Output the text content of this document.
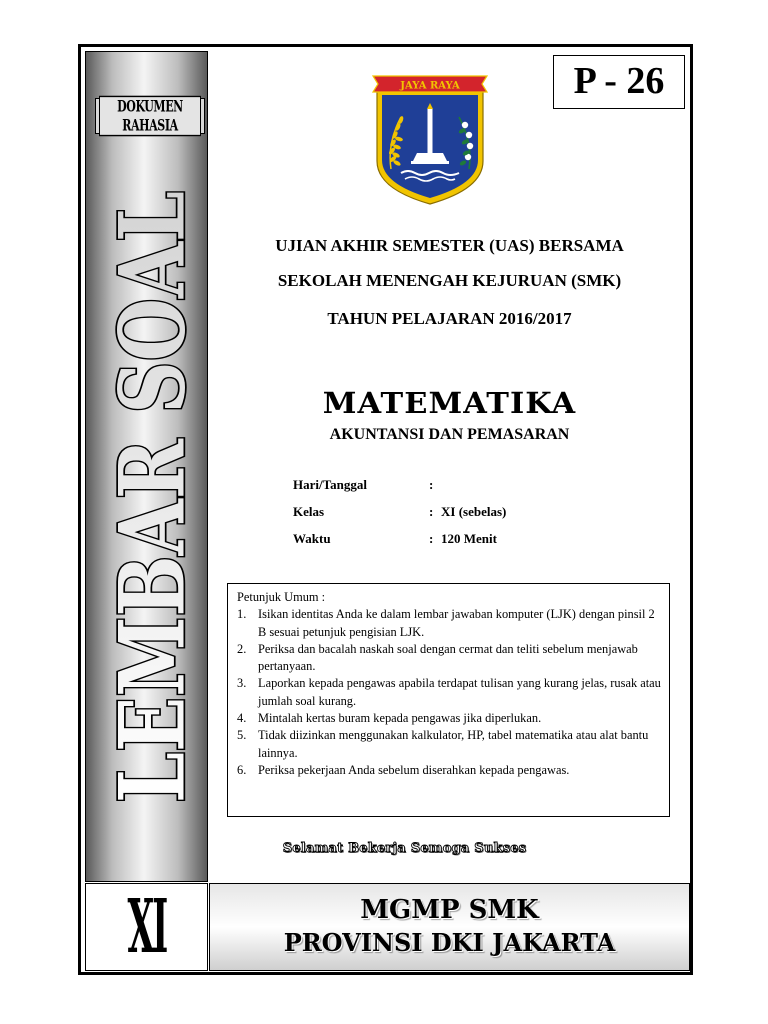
DOKUMEN RAHASIA
LEMBAR SOAL
XI	MGMP SMK
PROVINSI DKI JAKARTA
P - 26
JAYA RAYA
UJIAN AKHIR SEMESTER (UAS) BERSAMA
SEKOLAH MENENGAH KEJURUAN (SMK)
TAHUN PELAJARAN 2016/2017
MATEMATIKA
AKUNTANSI DAN PEMASARAN
Hari/Tanggal	:
Kelas	: XI (sebelas)
Waktu	: 120 Menit
Petunjuk Umum :
1. Isikan identitas Anda ke dalam lembar jawaban komputer (LJK) dengan pinsil 2 B sesuai petunjuk pengisian LJK.
2. Periksa dan bacalah naskah soal dengan cermat dan teliti sebelum menjawab pertanyaan.
3. Laporkan kepada pengawas apabila terdapat tulisan yang kurang jelas, rusak atau jumlah soal kurang.
4. Mintalah kertas buram kepada pengawas jika diperlukan.
5. Tidak diizinkan menggunakan kalkulator, HP, tabel matematika atau alat bantu lainnya.
6. Periksa pekerjaan Anda sebelum diserahkan kepada pengawas.
Selamat Bekerja Semoga Sukses
